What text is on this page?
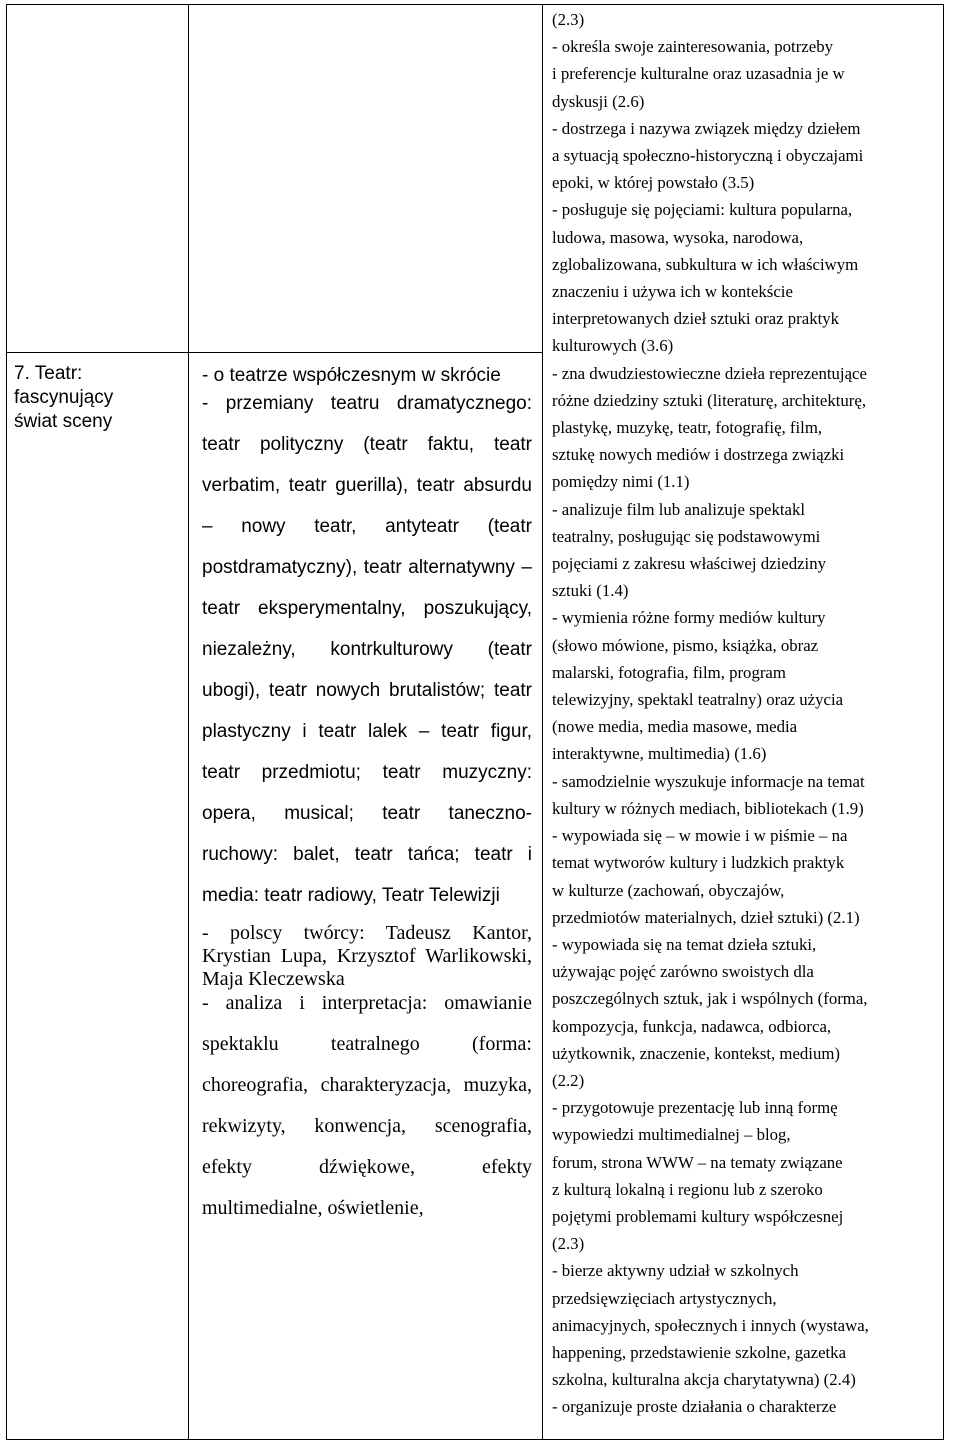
7. Teatr:
fascynujący
świat sceny

- o teatrze współczesnym w skrócie

- przemiany teatru dramatycznego: teatr polityczny (teatr faktu, teatr verbatim, teatr guerilla), teatr absurdu – nowy teatr, antyteatr (teatr postdramatyczny), teatr alternatywny – teatr eksperymentalny, poszukujący, niezależny, kontrkulturowy (teatr ubogi), teatr nowych brutalistów; teatr plastyczny i teatr lalek – teatr figur, teatr przedmiotu; teatr muzyczny: opera, musical; teatr taneczno-ruchowy: balet, teatr tańca; teatr i media: teatr radiowy, Teatr Telewizji

- polscy twórcy: Tadeusz Kantor, Krystian Lupa, Krzysztof Warlikowski, Maja Kleczewska

- analiza i interpretacja: omawianie spektaklu teatralnego (forma: choreografia, charakteryzacja, muzyka, rekwizyty, konwencja, scenografia, efekty dźwiękowe, efekty multimedialne, oświetlenie,

(2.3)
- określa swoje zainteresowania, potrzeby
i preferencje kulturalne oraz uzasadnia je w
dyskusji (2.6)
- dostrzega i nazywa związek między dziełem
a sytuacją społeczno-historyczną i obyczajami
epoki, w której powstało (3.5)
- posługuje się pojęciami: kultura popularna,
ludowa, masowa, wysoka, narodowa,
zglobalizowana, subkultura w ich właściwym
znaczeniu i używa ich w kontekście
interpretowanych dzieł sztuki oraz praktyk
kulturowych (3.6)

- zna dwudziestowieczne dzieła reprezentujące
różne dziedziny sztuki (literaturę, architekturę,
plastykę, muzykę, teatr, fotografię, film,
sztukę nowych mediów i dostrzega związki
pomiędzy nimi (1.1)
- analizuje film lub analizuje spektakl
teatralny, posługując się podstawowymi
pojęciami z zakresu właściwej dziedziny
sztuki (1.4)
- wymienia różne formy mediów kultury
(słowo mówione, pismo, książka, obraz
malarski, fotografia, film, program
telewizyjny, spektakl teatralny) oraz użycia
(nowe media, media masowe, media
interaktywne, multimedia) (1.6)
- samodzielnie wyszukuje informacje na temat
kultury w różnych mediach, bibliotekach (1.9)
- wypowiada się – w mowie i w piśmie – na
temat wytworów kultury i ludzkich praktyk
w kulturze (zachowań, obyczajów,
przedmiotów materialnych, dzieł sztuki) (2.1)
- wypowiada się na temat dzieła sztuki,
używając pojęć zarówno swoistych dla
poszczególnych sztuk, jak i wspólnych (forma,
kompozycja, funkcja, nadawca, odbiorca,
użytkownik, znaczenie, kontekst, medium)
(2.2)
- przygotowuje prezentację lub inną formę
wypowiedzi multimedialnej – blog,
forum, strona WWW – na tematy związane
z kulturą lokalną i regionu lub z szeroko
pojętymi problemami kultury współczesnej
(2.3)
- bierze aktywny udział w szkolnych
przedsięwzięciach artystycznych,
animacyjnych, społecznych i innych (wystawa,
happening, przedstawienie szkolne, gazetka
szkolna, kulturalna akcja charytatywna) (2.4)
- organizuje proste działania o charakterze
